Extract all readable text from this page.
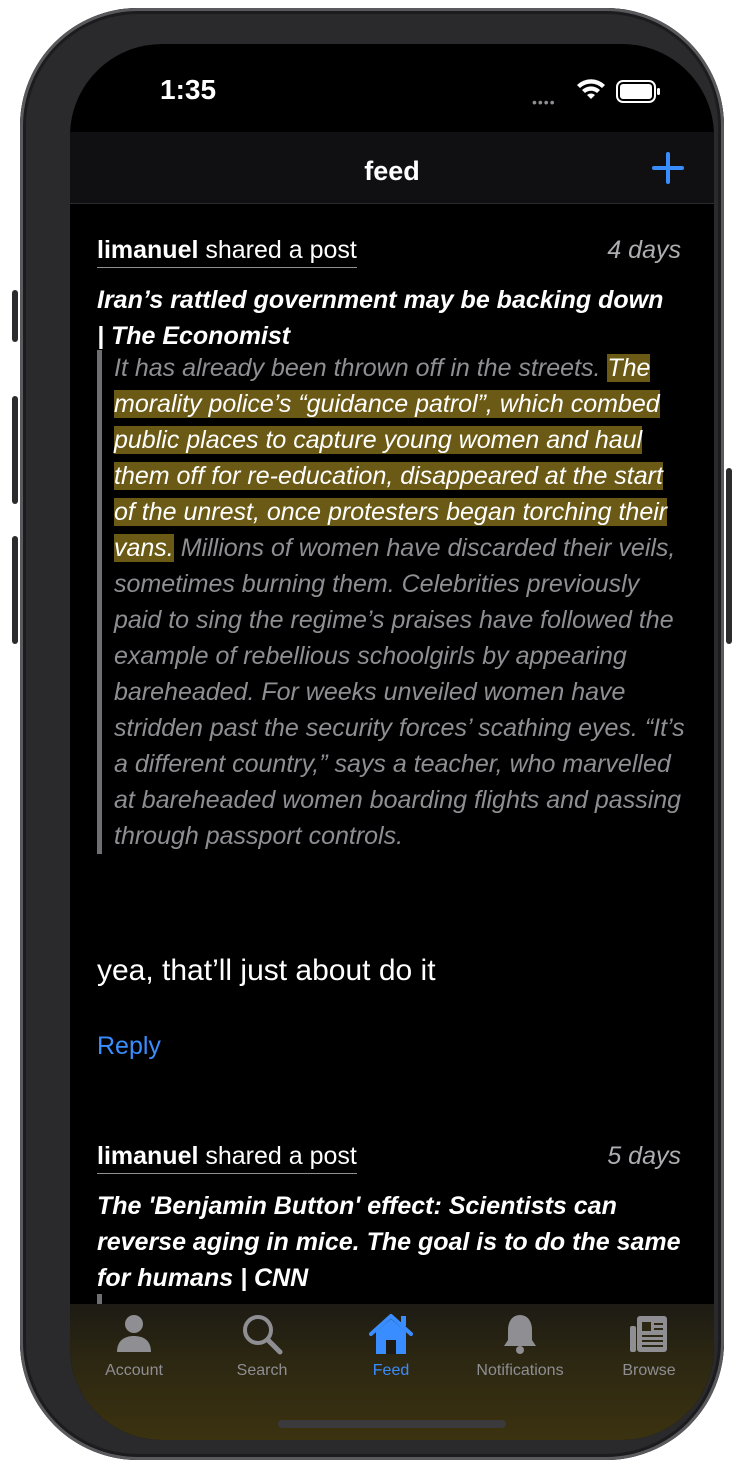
1:35	••••
feed
limanuel shared a post	4 days
Iran’s rattled government may be backing down | The Economist
It has already been thrown off in the streets. The morality police’s “guidance patrol”, which combed public places to capture young women and haul them off for re-education, disappeared at the start of the unrest, once protesters began torching their vans. Millions of women have discarded their veils, sometimes burning them. Celebrities previously paid to sing the regime’s praises have followed the example of rebellious schoolgirls by appearing bareheaded. For weeks unveiled women have stridden past the security forces’ scathing eyes. “It’s a different country,” says a teacher, who marvelled at bareheaded women boarding flights and passing through passport controls.
yea, that’ll just about do it
Reply
limanuel shared a post	5 days
The 'Benjamin Button' effect: Scientists can reverse aging in mice. The goal is to do the same for humans | CNN
Account	Search	Feed	Notifications	Browse
